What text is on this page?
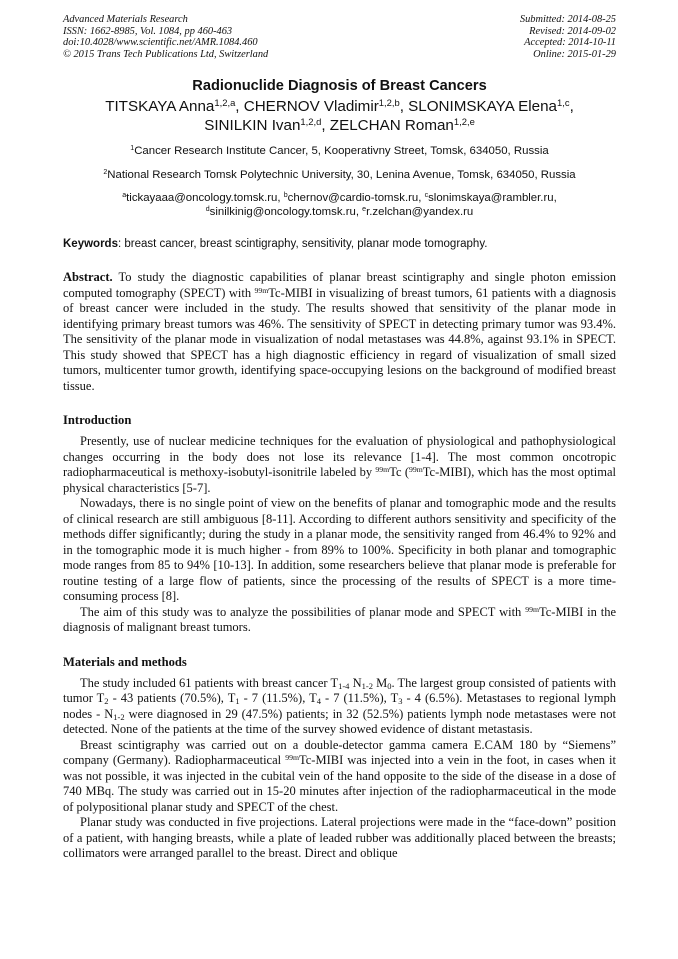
Advanced Materials Research
ISSN: 1662-8985, Vol. 1084, pp 460-463
doi:10.4028/www.scientific.net/AMR.1084.460
© 2015 Trans Tech Publications Ltd, Switzerland
Submitted: 2014-08-25
Revised: 2014-09-02
Accepted: 2014-10-11
Online: 2015-01-29
Radionuclide Diagnosis of Breast Cancers
TITSKAYA Anna$^{1,2,a}$, CHERNOV Vladimir$^{1,2,b}$, SLONIMSKAYA Elena$^{1,c}$,
SINILKIN Ivan$^{1,2,d}$, ZELCHAN Roman$^{1,2,e}$
$^1$Cancer Research Institute Cancer, 5, Kooperativny Street, Tomsk, 634050, Russia
$^2$National Research Tomsk Polytechnic University, 30, Lenina Avenue, Tomsk, 634050, Russia
$^a$tickayaaa@oncology.tomsk.ru, $^b$chernov@cardio-tomsk.ru, $^c$slonimskaya@rambler.ru,
$^d$sinilkinig@oncology.tomsk.ru, $^e$r.zelchan@yandex.ru
Keywords: breast cancer, breast scintigraphy, sensitivity, planar mode tomography.

Abstract. To study the diagnostic capabilities of planar breast scintigraphy and single photon emission computed tomography (SPECT) with $^{99m}$Tc-MIBI in visualizing of breast tumors, 61 patients with a diagnosis of breast cancer were included in the study. The results showed that sensitivity of the planar mode in identifying primary breast tumors was 46%. The sensitivity of SPECT in detecting primary tumor was 93.4%. The sensitivity of the planar mode in visualization of nodal metastases was 44.8%, against 93.1% in SPECT. This study showed that SPECT has a high diagnostic efficiency in regard of visualization of small sized tumors, multicenter tumor growth, identifying space-occupying lesions on the background of modified breast tissue.

Introduction

Presently, use of nuclear medicine techniques for the evaluation of physiological and pathophysiological changes occurring in the body does not lose its relevance [1-4]. The most common oncotropic radiopharmaceutical is methoxy-isobutyl-isonitrile labeled by $^{99m}$Tc ($^{99m}$Tc-MIBI), which has the most optimal physical characteristics [5-7].

Nowadays, there is no single point of view on the benefits of planar and tomographic mode and the results of clinical research are still ambiguous [8-11]. According to different authors sensitivity and specificity of the methods differ significantly; during the study in a planar mode, the sensitivity ranged from 46.4% to 92% and in the tomographic mode it is much higher - from 89% to 100%. Specificity in both planar and tomographic mode ranges from 85 to 94% [10-13]. In addition, some researchers believe that planar mode is preferable for routine testing of a large flow of patients, since the processing of the results of SPECT is a more time-consuming process [8].

The aim of this study was to analyze the possibilities of planar mode and SPECT with $^{99m}$Tc-MIBI in the diagnosis of malignant breast tumors.

Materials and methods

The study included 61 patients with breast cancer $T_{1-4}$ $N_{1-2}$ $M_0$. The largest group consisted of patients with tumor $T_2 - 43$ patients (70.5%), $T_1 - 7$ (11.5%), $T_4 - 7$ (11.5%), $T_3 - 4$ (6.5%). Metastases to regional lymph nodes - $N_{1-2}$ were diagnosed in 29 (47.5%) patients; in 32 (52.5%) patients lymph node metastases were not detected. None of the patients at the time of the survey showed evidence of distant metastasis.

Breast scintigraphy was carried out on a double-detector gamma camera E.CAM 180 by “Siemens” company (Germany). Radiopharmaceutical $^{99m}$Tc-MIBI was injected into a vein in the foot, in cases when it was not possible, it was injected in the cubital vein of the hand opposite to the side of the disease in a dose of 740 MBq. The study was carried out in 15-20 minutes after injection of the radiopharmaceutical in the mode of polypositional planar study and SPECT of the chest.

Planar study was conducted in five projections. Lateral projections were made in the “face-down” position of a patient, with hanging breasts, while a plate of leaded rubber was additionally placed between the breasts; collimators were arranged parallel to the breast. Direct and oblique
